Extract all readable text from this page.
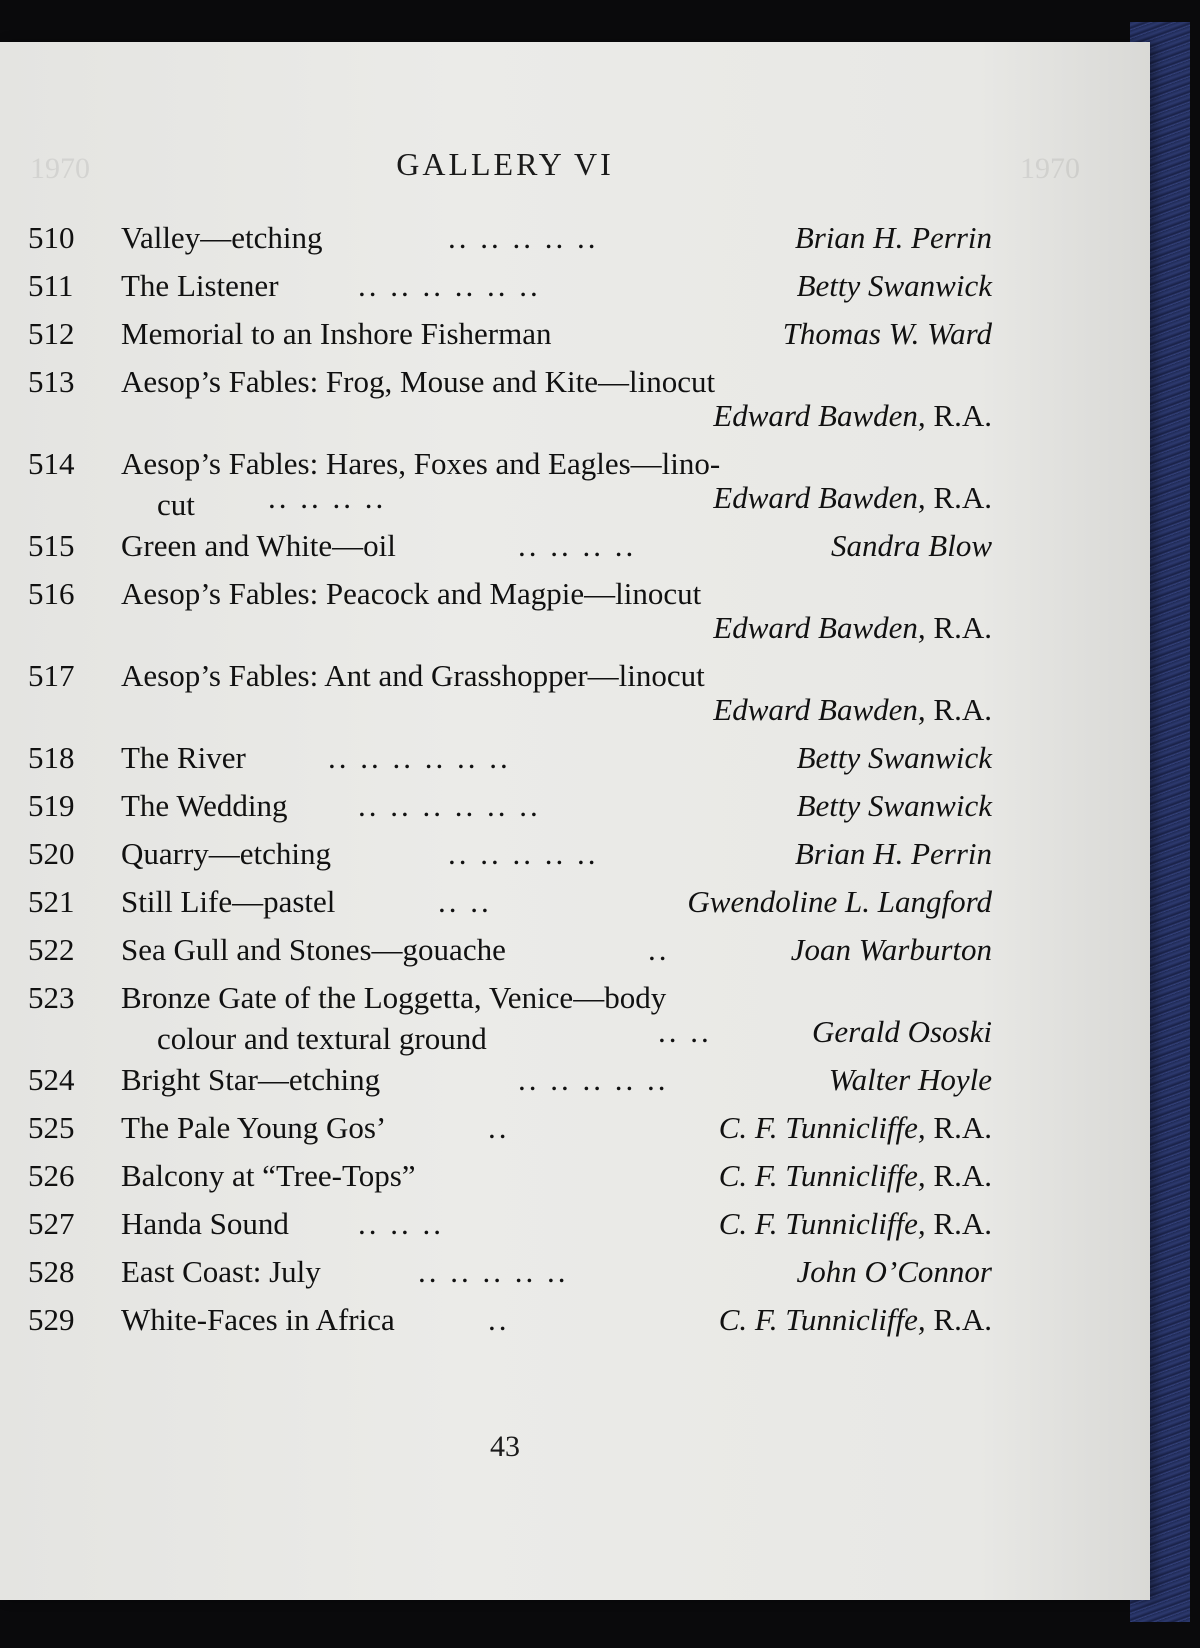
1970	1970
GALLERY VI
510	Valley—etching	.. .. .. .. ..	Brian H. Perrin
511	The Listener	.. .. .. .. .. ..	Betty Swanwick
512	Memorial to an Inshore Fisherman	Thomas W. Ward
513	Aesop’s Fables: Frog, Mouse and Kite—linocut
Edward Bawden, R.A.
514	Aesop’s Fables: Hares, Foxes and Eagles—lino-
cut	.. .. .. ..	Edward Bawden, R.A.
515	Green and White—oil	.. .. .. ..	Sandra Blow
516	Aesop’s Fables: Peacock and Magpie—linocut
Edward Bawden, R.A.
517	Aesop’s Fables: Ant and Grasshopper—linocut
Edward Bawden, R.A.
518	The River	.. .. .. .. .. ..	Betty Swanwick
519	The Wedding .. .. .. .. .. ..	Betty Swanwick
520	Quarry—etching	.. .. .. .. ..	Brian H. Perrin
521	Still Life—pastel	.. ..	Gwendoline L. Langford
522	Sea Gull and Stones—gouache	..	Joan Warburton
523	Bronze Gate of the Loggetta, Venice—body
colour and textural ground	.. ..	Gerald Ososki
524	Bright Star—etching	.. .. .. .. ..	Walter Hoyle
525	The Pale Young Gos’	..	C. F. Tunnicliffe, R.A.
526	Balcony at “Tree-Tops”	C. F. Tunnicliffe, R.A.
527	Handa Sound .. .. ..	C. F. Tunnicliffe, R.A.
528	East Coast: July	.. .. .. .. ..	John O’Connor
529	White-Faces in Africa	..	C. F. Tunnicliffe, R.A.
43
